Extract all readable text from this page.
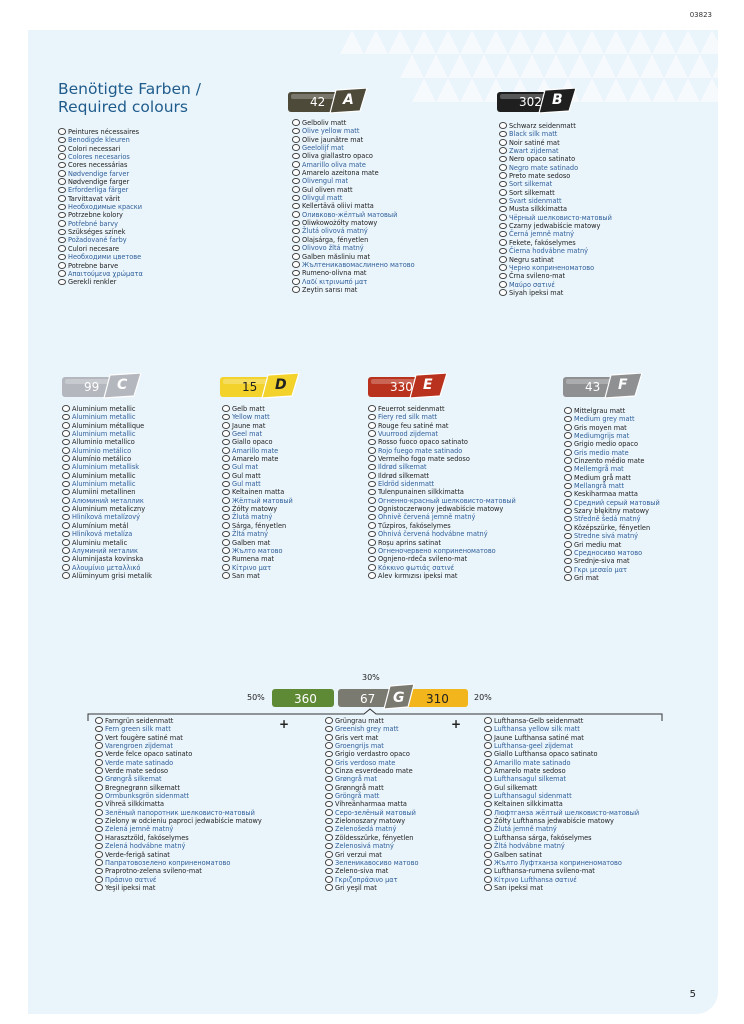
03823
Benötigte Farben /
Required colours
Peintures nécessaires
Benodigde kleuren
Colori necessari
Colores necesarios
Cores necessárias
Nødvendige farver
Nødvendige farger
Erforderliga färger
Tarvittavat värit
Необходимые краски
Potrzebne kolory
Potřebné barvy
Szükséges színek
Požadované farby
Culori necesare
Необходими цветове
Potrebne barve
Απαιτούμενα χρώματα
Gerekli renkler
42 A	302 B
99 C	15 D	330 E	43 F
Gelboliv matt
Olive yellow matt
Olive jaunâtre mat
Geelolijf mat
Oliva giallastro opaco
Amarillo oliva mate
Amarelo azeitona mate
Olivengul mat
Gul oliven matt
Olivgul matt
Kellertävä oliivi matta
Оливково-жёлтый матовый
Oliwkowożółty matowy
Žlutá olivová matný
Olajsárga, fényetlen
Olivovo žltá matný
Galben măsliniu mat
Жълтеникавомаслинено матово
Rumeno-olivna mat
Λαδί κιτρινωπό ματ
Zeytin sarısı mat
Schwarz seidenmatt
Black silk matt
Noir satiné mat
Zwart zijdemat
Nero opaco satinato
Negro mate satinado
Preto mate sedoso
Sort silkemat
Sort silkematt
Svart sidenmatt
Musta silkkimatta
Чёрный шелковисто-матовый
Czarny jedwabiście matowy
Černá jemně matný
Fekete, fakóselymes
Čierna hodvábne matný
Negru satinat
Черно коприненоматово
Črna svileno-mat
Μαύρο σατινέ
Siyah ipeksi mat
Aluminium metallic
Aluminium metallic
Aluminium métallique
Aluminium metallic
Alluminio metallico
Aluminio metálico
Alumínio metálico
Aluminium metallisk
Aluminium metallic
Aluminium metallic
Alumiini metallinen
Алюминий металлик
Aluminium metaliczny
Hliníková metalízový
Alumínium metál
Hliníková metalíza
Aluminiu metalic
Алуминий металик
Aluminijasta kovinska
Αλουμίνιο μεταλλικό
Alüminyum grisi metalik
Gelb matt
Yellow matt
Jaune mat
Geel mat
Giallo opaco
Amarillo mate
Amarelo mate
Gul mat
Gul matt
Gul matt
Keltainen matta
Жёлтый матовый
Żółty matowy
Žlutá matný
Sárga, fényetlen
Žltá matný
Galben mat
Жълто матово
Rumena mat
Κίτρινο ματ
Sarı mat
Feuerrot seidenmatt
Fiery red silk matt
Rouge feu satiné mat
Vuurrood zijdemat
Rosso fuoco opaco satinato
Rojo fuego mate satinado
Vermelho fogo mate sedoso
Ildrød silkemat
Ildrød silkematt
Eldröd sidenmatt
Tulenpunainen silkkimatta
Огненно-красный шелковисто-матовый
Ognistoczerwony jedwabiście matowy
Ohnivě červená jemně matný
Tűzpiros, fakóselymes
Ohnivá červená hodvábne matný
Roșu aprins satinat
Огненочервено коприненоматово
Ognjeno-rdeča svileno-mat
Κόκκινο φωτιάς σατινέ
Alev kırmızısı ipeksi mat
Mittelgrau matt
Medium grey matt
Gris moyen mat
Mediumgrijs mat
Grigio medio opaco
Gris medio mate
Cinzento médio mate
Mellemgrå mat
Medium grå matt
Mellangrå matt
Keskiharmaa matta
Средний серый матовый
Szary błękitny matowy
Středně šedá matný
Középszürke, fényetlen
Stredne sivá matný
Gri mediu mat
Средносиво матово
Srednje-siva mat
Γκρι μεσαίο ματ
Gri mat
50%
30%
20%
360	67	310
G
+	+
Farngrün seidenmatt
Fern green silk matt
Vert fougère satiné mat
Varengroen zijdemat
Verde felce opaco satinato
Verde mate satinado
Verde mate sedoso
Grøngrå silkemat
Bregnegrønn silkematt
Ormbunksgrön sidenmatt
Vihreä silkkimatta
Зелёный папоротник шелковисто-матовый
Zielony w odcieniu paproci jedwabiście matowy
Zelená jemně matný
Harasztzöld, fakóselymes
Zelená hodvábne matný
Verde-ferigă satinat
Папратовозелено коприненоматово
Praprotno-zelena svileno-mat
Πράσινο σατινέ
Yeşil ipeksi mat
Grüngrau matt
Greenish grey matt
Gris vert mat
Groengrijs mat
Grigio verdastro opaco
Gris verdoso mate
Cinza esverdeado mate
Grøngrå mat
Grønngrå matt
Gröngrå matt
Vihreänharmaa matta
Серо-зелёный матовый
Zielonoszary matowy
Zelenošedá matný
Zöldesszürke, fényetlen
Zelenosivá matný
Gri verzui mat
Зеленикавосиво матово
Zeleno-siva mat
Γκριζοπράσινο ματ
Gri yeşil mat
Lufthansa-Gelb seidenmatt
Lufthansa yellow silk matt
Jaune Lufthansa satiné mat
Lufthansa-geel zijdemat
Giallo Lufthansa opaco satinato
Amarillo mate satinado
Amarelo mate sedoso
Lufthansagul silkemat
Gul silkematt
Lufthansagul sidenmatt
Keltainen silkkimatta
Люфтганза жёлтый шелковисто-матовый
Żółty Lufthansa jedwabiście matowy
Žlutá jemně matný
Lufthansa sárga, fakóselymes
Žltá hodvábne matný
Galben satinat
Жълто Луфтханза коприненоматово
Lufthansa-rumena svileno-mat
Κίτρινο Lufthansa σατινέ
Sarı ipeksi mat
5
